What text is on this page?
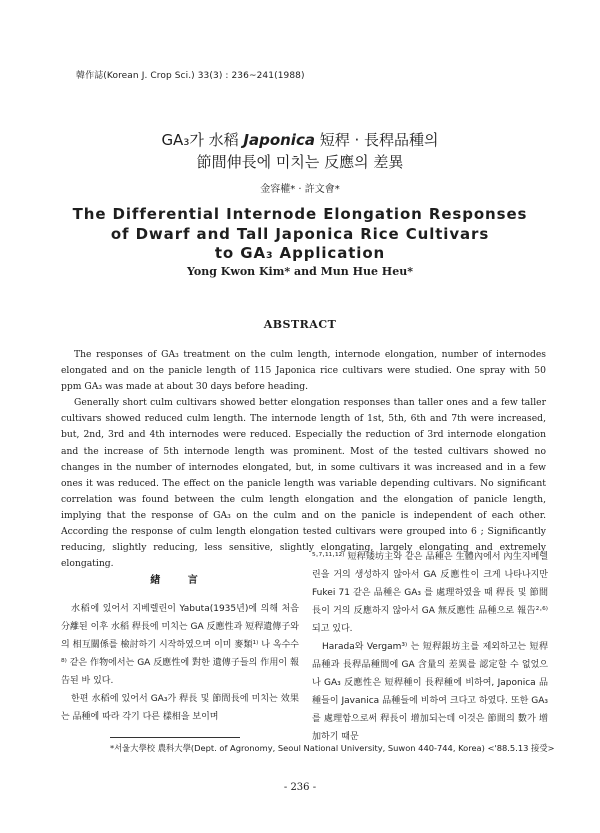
韓作誌(Korean J. Crop Sci.) 33(3) : 236~241(1988)
GA₃가 水稻 Japonica 短稈 · 長稈品種의
節間伸長에 미치는 反應의 差異
金容權* · 許文會*
The Differential Internode Elongation Responses
of Dwarf and Tall Japonica Rice Cultivars
to GA₃ Application
Yong Kwon Kim* and Mun Hue Heu*
ABSTRACT

The responses of GA₃ treatment on the culm length, internode elongation, number of internodes elongated and on the panicle length of 115 Japonica rice cultivars were studied. One spray with 50 ppm GA₃ was made at about 30 days before heading.

Generally short culm cultivars showed better elongation responses than taller ones and a few taller cultivars showed reduced culm length. The internode length of 1st, 5th, 6th and 7th were increased, but, 2nd, 3rd and 4th internodes were reduced. Especially the reduction of 3rd internode elongation and the increase of 5th internode length was prominent. Most of the tested cultivars showed no changes in the number of internodes elongated, but, in some cultivars it was increased and in a few ones it was reduced. The effect on the panicle length was variable depending cultivars. No significant correlation was found between the culm length elongation and the elongation of panicle length, implying that the response of GA₃ on the culm and on the panicle is independent of each other. According the response of culm length elongation tested cultivars were grouped into 6 ; Significantly reducing, slightly reducing, less sensitive, slightly elongating, largely elongating and extremely elongating.

緖 言

水稻에 있어서 지베렐린이 Yabuta(1935년)에 의해 처음 分離된 이후 水稻 稈長에 미치는 GA 反應性과 短稈遺傳子와의 相互關係를 檢討하기 시작하였으며 이미 麥類¹⁾ 나 옥수수⁸⁾ 같은 作物에서는 GA 反應性에 對한 遺傳子들의 作用이 報告된 바 있다.

한편 水稻에 있어서 GA₃가 稈長 및 節間長에 미치는 效果는 品種에 따라 각기 다른 樣相을 보이며

⁵·⁷·¹¹·¹²⁾ 短稈矮坊主와 같은 品種은 生體內에서 內生지베렐린을 거의 생성하지 않아서 GA 反應性이 크게 나타나지만 Fukei 71 같은 品種은 GA₃ 를 處理하였을 때 稈長 및 節間長이 거의 反應하지 않아서 GA 無反應性 品種으로 報告²·⁶⁾ 되고 있다.

Harada와 Vergam³⁾ 는 短稈銀坊主를 제외하고는 短稈品種과 長稈品種間에 GA 含量의 差異를 認定할 수 없었으나 GA₃ 反應性은 短稈種이 長稈種에 비하여, Japonica 品種들이 Javanica 品種들에 비하여 크다고 하였다. 또한 GA₃를 處理함으로써 稈長이 增加되는데 이것은 節間의 數가 增加하기 때문

*서울大學校 農科大學(Dept. of Agronomy, Seoul National University, Suwon 440-744, Korea) <'88.5.13 接受>
- 236 -
